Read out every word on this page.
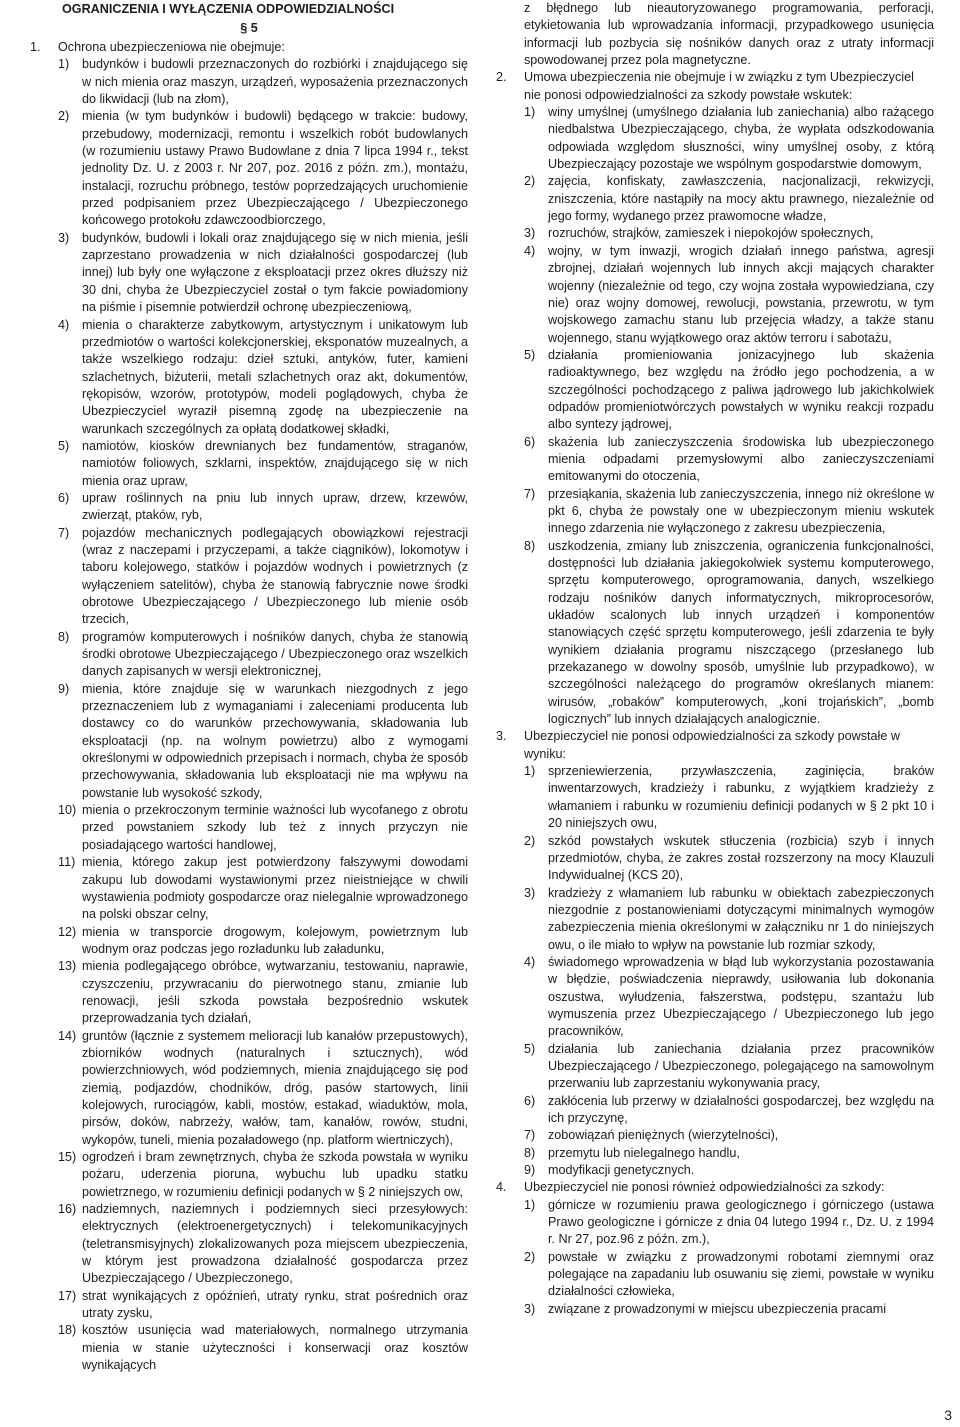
OGRANICZENIA I WYŁĄCZENIA ODPOWIEDZIALNOŚCI
§ 5
1.	Ochrona ubezpieczeniowa nie obejmuje:
1)	budynków i budowli przeznaczonych do rozbiórki i znajdującego się w nich mienia oraz maszyn, urządzeń, wyposażenia przeznaczonych do likwidacji (lub na złom),
2)	mienia (w tym budynków i budowli) będącego w trakcie: budowy, przebudowy, modernizacji, remontu i wszelkich robót budowlanych (w rozumieniu ustawy Prawo Budowlane z dnia 7 lipca 1994 r., tekst jednolity Dz. U. z 2003 r. Nr 207, poz. 2016 z późn. zm.), montażu, instalacji, rozruchu próbnego, testów poprzedzających uruchomienie przed podpisaniem przez Ubezpieczającego / Ubezpieczonego końcowego protokołu zdawczoodbiorczego,
3)	budynków, budowli i lokali oraz znajdującego się w nich mienia, jeśli zaprzestano prowadzenia w nich działalności gospodarczej (lub innej) lub były one wyłączone z eksploatacji przez okres dłuższy niż 30 dni, chyba że Ubezpieczyciel został o tym fakcie powiadomiony na piśmie i pisemnie potwierdził ochronę ubezpieczeniową,
4)	mienia o charakterze zabytkowym, artystycznym i unikatowym lub przedmiotów o wartości kolekcjonerskiej, eksponatów muzealnych, a także wszelkiego rodzaju: dzieł sztuki, antyków, futer, kamieni szlachetnych, biżuterii, metali szlachetnych oraz akt, dokumentów, rękopisów, wzorów, prototypów, modeli poglądowych, chyba że Ubezpieczyciel wyraził pisemną zgodę na ubezpieczenie na warunkach szczególnych za opłatą dodatkowej składki,
5)	namiotów, kiosków drewnianych bez fundamentów, straganów, namiotów foliowych, szklarni, inspektów, znajdującego się w nich mienia oraz upraw,
6)	upraw roślinnych na pniu lub innych upraw, drzew, krzewów, zwierząt, ptaków, ryb,
7)	pojazdów mechanicznych podlegających obowiązkowi rejestracji (wraz z naczepami i przyczepami, a także ciągników), lokomotyw i taboru kolejowego, statków i pojazdów wodnych i powietrznych (z wyłączeniem satelitów), chyba że stanowią fabrycznie nowe środki obrotowe Ubezpieczającego / Ubezpieczonego lub mienie osób trzecich,
8)	programów komputerowych i nośników danych, chyba że stanowią środki obrotowe Ubezpieczającego / Ubezpieczonego oraz wszelkich danych zapisanych w wersji elektronicznej,
9)	mienia, które znajduje się w warunkach niezgodnych z jego przeznaczeniem lub z wymaganiami i zaleceniami producenta lub dostawcy co do warunków przechowywania, składowania lub eksploatacji (np. na wolnym powietrzu) albo z wymogami określonymi w odpowiednich przepisach i normach, chyba że sposób przechowywania, składowania lub eksploatacji nie ma wpływu na powstanie lub wysokość szkody,
10) mienia o przekroczonym terminie ważności lub wycofanego z obrotu przed powstaniem szkody lub też z innych przyczyn nie posiadającego wartości handlowej,
11) mienia, którego zakup jest potwierdzony fałszywymi dowodami zakupu lub dowodami wystawionymi przez nieistniejące w chwili wystawienia podmioty gospodarcze oraz nielegalnie wprowadzonego na polski obszar celny,
12) mienia w transporcie drogowym, kolejowym, powietrznym lub wodnym oraz podczas jego rozładunku lub załadunku,
13) mienia podlegającego obróbce, wytwarzaniu, testowaniu, naprawie, czyszczeniu, przywracaniu do pierwotnego stanu, zmianie lub renowacji, jeśli szkoda powstała bezpośrednio wskutek przeprowadzania tych działań,
14) gruntów (łącznie z systemem melioracji lub kanałów przepustowych), zbiorników wodnych (naturalnych i sztucznych), wód powierzchniowych, wód podziemnych, mienia znajdującego się pod ziemią, podjazdów, chodników, dróg, pasów startowych, linii kolejowych, rurociągów, kabli, mostów, estakad, wiaduktów, mola, pirsów, doków, nabrzeży, wałów, tam, kanałów, rowów, studni, wykopów, tuneli, mienia pozaładowego (np. platform wiertniczych),
15) ogrodzeń i bram zewnętrznych, chyba że szkoda powstała w wyniku pożaru, uderzenia pioruna, wybuchu lub upadku statku powietrznego, w rozumieniu definicji podanych w § 2 niniejszych ow,
16) nadziemnych, naziemnych i podziemnych sieci przesyłowych: elektrycznych (elektroenergetycznych) i telekomunikacyjnych (teletransmisyjnych) zlokalizowanych poza miejscem ubezpieczenia, w którym jest prowadzona działalność gospodarcza przez Ubezpieczającego / Ubezpieczonego,
17) strat wynikających z opóźnień, utraty rynku, strat pośrednich oraz utraty zysku,
18) kosztów usunięcia wad materiałowych, normalnego utrzymania mienia w stanie użyteczności i konserwacji oraz kosztów wynikających
z błędnego lub nieautoryzowanego programowania, perforacji, etykietowania lub wprowadzania informacji, przypadkowego usunięcia informacji lub pozbycia się nośników danych oraz z utraty informacji spowodowanej przez pola magnetyczne.
2.	Umowa ubezpieczenia nie obejmuje i w związku z tym Ubezpieczyciel nie ponosi odpowiedzialności za szkody powstałe wskutek:
1)	winy umyślnej (umyślnego działania lub zaniechania) albo rażącego niedbalstwa Ubezpieczającego, chyba, że wypłata odszkodowania odpowiada względom słuszności, winy umyślnej osoby, z którą Ubezpieczający pozostaje we wspólnym gospodarstwie domowym,
2)	zajęcia, konfiskaty, zawłaszczenia, nacjonalizacji, rekwizycji, zniszczenia, które nastąpiły na mocy aktu prawnego, niezależnie od jego formy, wydanego przez prawomocne władze,
3)	rozruchów, strajków, zamieszek i niepokojów społecznych,
4)	wojny, w tym inwazji, wrogich działań innego państwa, agresji zbrojnej, działań wojennych lub innych akcji mających charakter wojenny (niezależnie od tego, czy wojna została wypowiedziana, czy nie) oraz wojny domowej, rewolucji, powstania, przewrotu, w tym wojskowego zamachu stanu lub przejęcia władzy, a także stanu wojennego, stanu wyjątkowego oraz aktów terroru i sabotażu,
5)	działania promieniowania jonizacyjnego lub skażenia radioaktywnego, bez względu na źródło jego pochodzenia, a w szczególności pochodzącego z paliwa jądrowego lub jakichkolwiek odpadów promieniotwórczych powstałych w wyniku reakcji rozpadu albo syntezy jądrowej,
6)	skażenia lub zanieczyszczenia środowiska lub ubezpieczonego mienia odpadami przemysłowymi albo zanieczyszczeniami emitowanymi do otoczenia,
7)	przesiąkania, skażenia lub zanieczyszczenia, innego niż określone w pkt 6, chyba że powstały one w ubezpieczonym mieniu wskutek innego zdarzenia nie wyłączonego z zakresu ubezpieczenia,
8)	uszkodzenia, zmiany lub zniszczenia, ograniczenia funkcjonalności, dostępności lub działania jakiegokolwiek systemu komputerowego, sprzętu komputerowego, oprogramowania, danych, wszelkiego rodzaju nośników danych informatycznych, mikroprocesorów, układów scalonych lub innych urządzeń i komponentów stanowiących część sprzętu komputerowego, jeśli zdarzenia te były wynikiem działania programu niszczącego (przesłanego lub przekazanego w dowolny sposób, umyślnie lub przypadkowo), w szczególności należącego do programów określanych mianem: wirusów, „robaków” komputerowych, „koni trojańskich”, „bomb logicznych” lub innych działających analogicznie.
3.	Ubezpieczyciel nie ponosi odpowiedzialności za szkody powstałe w wyniku:
1)	sprzeniewierzenia, przywłaszczenia, zaginięcia, braków inwentarzowych, kradzieży i rabunku, z wyjątkiem kradzieży z włamaniem i rabunku w rozumieniu definicji podanych w § 2 pkt 10 i 20 niniejszych owu,
2)	szkód powstałych wskutek stłuczenia (rozbicia) szyb i innych przedmiotów, chyba, że zakres został rozszerzony na mocy Klauzuli Indywidualnej (KCS 20),
3)	kradzieży z włamaniem lub rabunku w obiektach zabezpieczonych niezgodnie z postanowieniami dotyczącymi minimalnych wymogów zabezpieczenia mienia określonymi w załączniku nr 1 do niniejszych owu, o ile miało to wpływ na powstanie lub rozmiar szkody,
4)	świadomego wprowadzenia w błąd lub wykorzystania pozostawania w błędzie, poświadczenia nieprawdy, usiłowania lub dokonania oszustwa, wyłudzenia, fałszerstwa, podstępu, szantażu lub wymuszenia przez Ubezpieczającego / Ubezpieczonego lub jego pracowników,
5)	działania lub zaniechania działania przez pracowników Ubezpieczającego / Ubezpieczonego, polegającego na samowolnym przerwaniu lub zaprzestaniu wykonywania pracy,
6)	zakłócenia lub przerwy w działalności gospodarczej, bez względu na ich przyczynę,
7)	zobowiązań pieniężnych (wierzytelności),
8)	przemytu lub nielegalnego handlu,
9)	modyfikacji genetycznych.
4.	Ubezpieczyciel nie ponosi również odpowiedzialności za szkody:
1)	górnicze w rozumieniu prawa geologicznego i górniczego (ustawa Prawo geologiczne i górnicze z dnia 04 lutego 1994 r., Dz. U. z 1994 r. Nr 27, poz.96 z późn. zm.),
2)	powstałe w związku z prowadzonymi robotami ziemnymi oraz polegające na zapadaniu lub osuwaniu się ziemi, powstałe w wyniku działalności człowieka,
3)	związane z prowadzonymi w miejscu ubezpieczenia pracami
3
